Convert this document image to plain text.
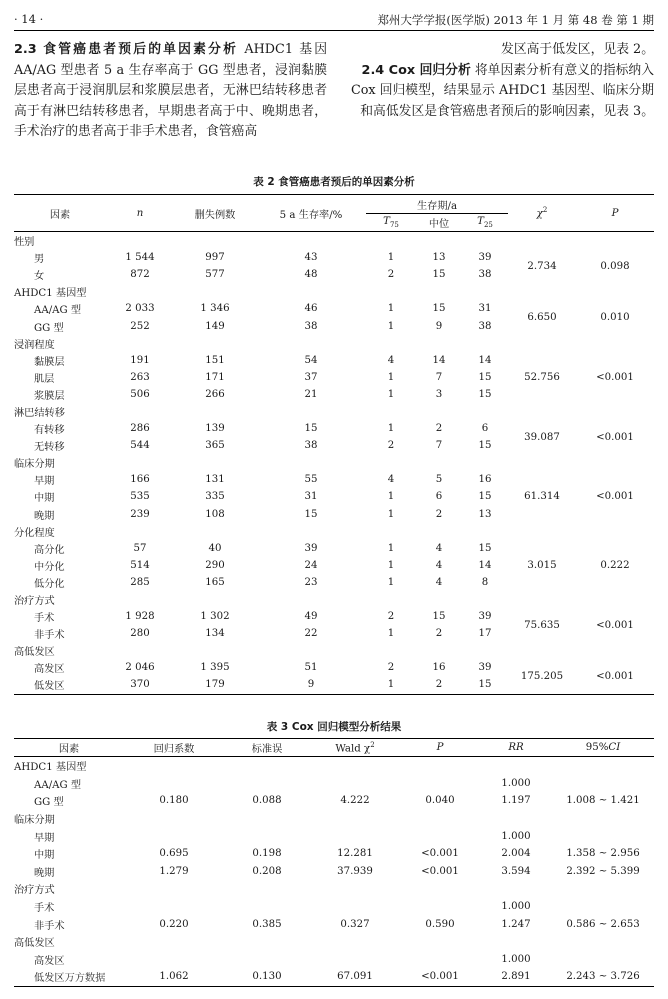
· 14 ·	郑州大学学报(医学版) 2013 年 1 月 第 48 卷 第 1 期
2.3 食管癌患者预后的单因素分析 AHDC1 基因 AA/AG 型患者 5 a 生存率高于 GG 型患者，浸润黏膜层患者高于浸润肌层和浆膜层患者，无淋巴结转移患者高于有淋巴结转移患者，早期患者高于中、晚期患者，手术治疗的患者高于非手术患者，食管癌高
发区高于低发区，见表 2。
2.4 Cox 回归分析 将单因素分析有意义的指标纳入 Cox 回归模型，结果显示 AHDC1 基因型、临床分期和高低发区是食管癌患者预后的影响因素，见表 3。
表 2 食管癌患者预后的单因素分析
因素	n	删失例数	5 a 生存率/%	生存期/a			$\chi^2$	P
				$T_{75}$	中位	$T_{25}$
性别								
男	1 544	997	43	1	13	39	2.734	0.098
女	872	577	48	2	15	38		
AHDC1 基因型								
AA/AG 型	2 033	1 346	46	1	15	31	6.650	0.010
GG 型	252	149	38	1	9	38		
浸润程度								
黏膜层	191	151	54	4	14	14	52.756	<0.001
肌层	263	171	37	1	7	15		
浆膜层	506	266	21	1	3	15		
淋巴结转移								
有转移	286	139	15	1	2	6	39.087	<0.001
无转移	544	365	38	2	7	15		
临床分期								
早期	166	131	55	4	5	16	61.314	<0.001
中期	535	335	31	1	6	15		
晚期	239	108	15	1	2	13		
分化程度								
高分化	57	40	39	1	4	15	3.015	0.222
中分化	514	290	24	1	4	14		
低分化	285	165	23	1	4	8		
治疗方式								
手术	1 928	1 302	49	2	15	39	75.635	<0.001
非手术	280	134	22	1	2	17		
高低发区								
高发区	2 046	1 395	51	2	16	39	175.205	<0.001
低发区	370	179	9	1	2	15		
表 3 Cox 回归模型分析结果
因素	回归系数	标准误	Wald $\chi^2$	P	RR	95%CI
AHDC1 基因型						
AA/AG 型					1.000	
GG 型	0.180	0.088	4.222	0.040	1.197	1.008 ~ 1.421
临床分期						
早期					1.000	
中期	0.695	0.198	12.281	<0.001	2.004	1.358 ~ 2.956
晚期	1.279	0.208	37.939	<0.001	3.594	2.392 ~ 5.399
治疗方式						
手术					1.000	
非手术	0.220	0.385	0.327	0.590	1.247	0.586 ~ 2.653
高低发区						
高发区					1.000	
低发区万方数据	1.062	0.130	67.091	<0.001	2.891	2.243 ~ 3.726
